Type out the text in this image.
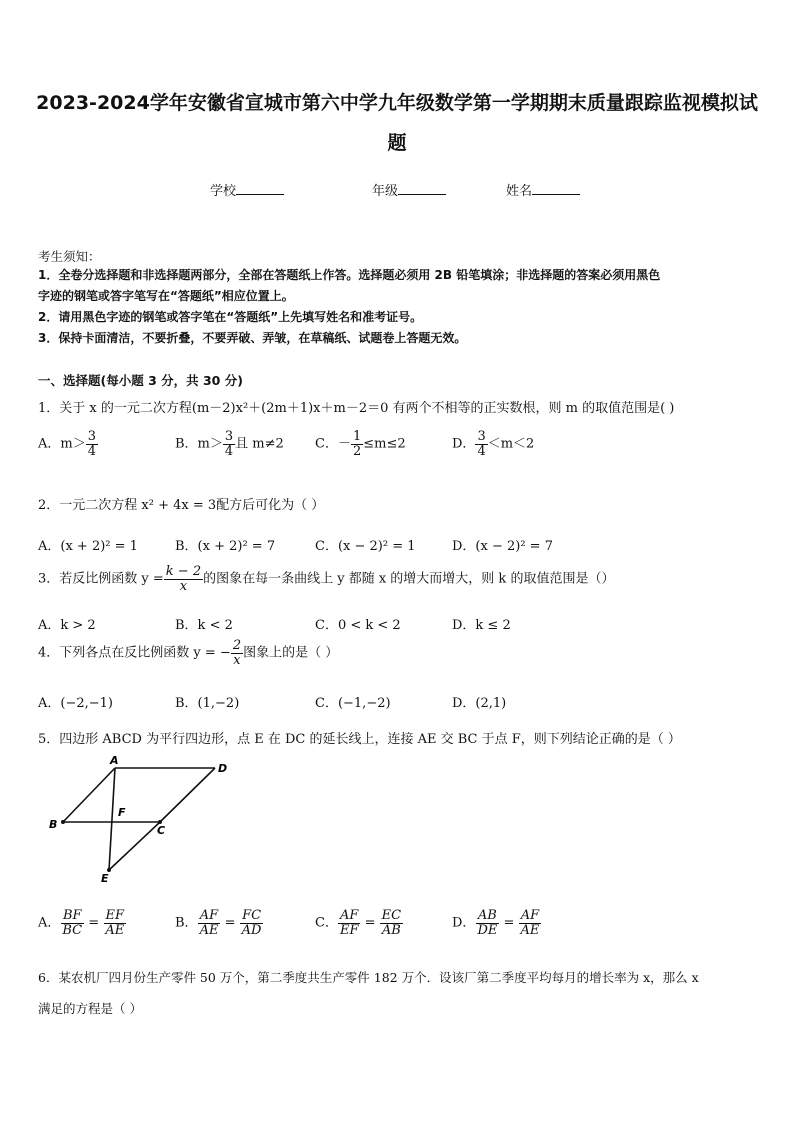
2023-2024学年安徽省宣城市第六中学九年级数学第一学期期末质量跟踪监视模拟试
题
学校	年级	姓名
考生须知：
1．全卷分选择题和非选择题两部分，全部在答题纸上作答。选择题必须用 2B 铅笔填涂；非选择题的答案必须用黑色
字迹的钢笔或答字笔写在“答题纸”相应位置上。
2．请用黑色字迹的钢笔或答字笔在“答题纸”上先填写姓名和准考证号。
3．保持卡面清洁，不要折叠，不要弄破、弄皱，在草稿纸、试题卷上答题无效。
一、选择题(每小题 3 分，共 30 分)
1．关于 x 的一元二次方程(m－2)x²＋(2m＋1)x＋m－2＝0 有两个不相等的正实数根，则 m 的取值范围是( )
A．$m> \frac{3}{4}$	B．$m> \frac{3}{4}$ 且 m≠2 C．－ $\frac{1}{2} \le m\le 2$	D． $\frac{3}{4} <m<2$
2．一元二次方程 x² + 4x = 3配方后可化为（ ）
A．(x + 2)² = 1	B．(x + 2)² = 7	C．(x − 2)² = 1	D．(x − 2)² = 7
3．若反比例函数 $y = \frac{k - 2}{x}$ 的图象在每一条曲线上 y 都随 x 的增大而增大，则 k 的取值范围是（）
A．k > 2	B．k < 2	C．0 < k < 2	D．k ≤ 2
4．下列各点在反比例函数 y = − $\frac{2}{x}$ 图象上的是（ ）
A．(−2,−1)	B．(1,−2)	C．(−1,−2)	D．(2,1)
5．四边形 ABCD 为平行四边形，点 E 在 DC 的延长线上，连接 AE 交 BC 于点 F，则下列结论正确的是（ ）
A
D
B
F
C
E
A． $\frac{BF}{BC} = \frac{EF}{AE}$	B． $\frac{AF}{AE} = \frac{FC}{AD}$	C． $\frac{AF}{EF} = \frac{EC}{AB}$	D． $\frac{AB}{DE} = \frac{AF}{AE}$
6．某农机厂四月份生产零件 50 万个，第二季度共生产零件 182 万个．设该厂第二季度平均每月的增长率为 x，那么 x
满足的方程是（ ）
